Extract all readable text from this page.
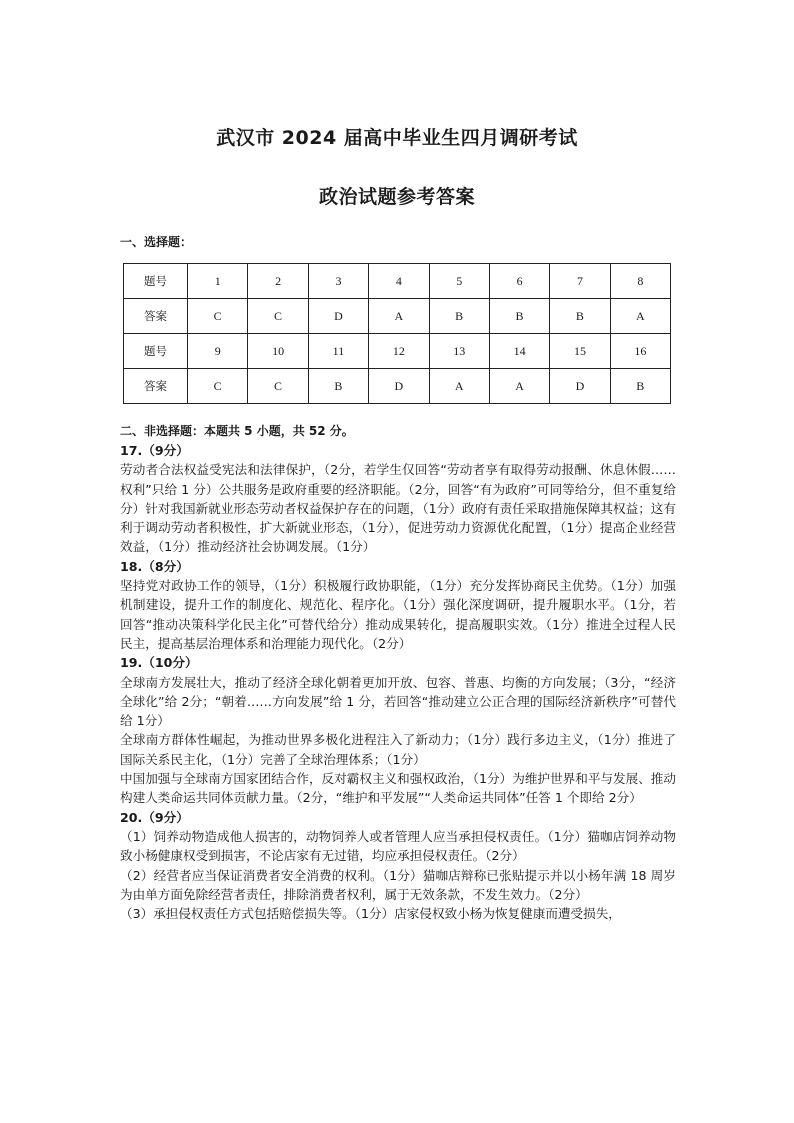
武汉市 2024 届高中毕业生四月调研考试
政治试题参考答案
一、选择题：
题号	1	2	3	4	5	6	7	8
答案	C	C	D	A	B	B	B	A
题号	9	10	11	12	13	14	15	16
答案	C	C	B	D	A	A	D	B
二、非选择题：本题共 5 小题，共 52 分。

17.（9分）

劳动者合法权益受宪法和法律保护，（2分，若学生仅回答“劳动者享有取得劳动报酬、休息休假……权利”只给 1 分）公共服务是政府重要的经济职能。（2分，回答“有为政府”可同等给分，但不重复给分）针对我国新就业形态劳动者权益保护存在的问题，（1分）政府有责任采取措施保障其权益；这有利于调动劳动者积极性，扩大新就业形态，（1分），促进劳动力资源优化配置，（1分）提高企业经营效益，（1分）推动经济社会协调发展。（1分）

18.（8分）

坚持党对政协工作的领导，（1分）积极履行政协职能，（1分）充分发挥协商民主优势。（1分）加强机制建设，提升工作的制度化、规范化、程序化。（1分）强化深度调研，提升履职水平。（1分，若回答“推动决策科学化民主化”可替代给分）推动成果转化，提高履职实效。（1分）推进全过程人民民主，提高基层治理体系和治理能力现代化。（2分）

19.（10分）

全球南方发展壮大，推动了经济全球化朝着更加开放、包容、普惠、均衡的方向发展；（3分，“经济全球化”给 2分；“朝着……方向发展”给 1 分，若回答“推动建立公正合理的国际经济新秩序”可替代给 1分）

全球南方群体性崛起，为推动世界多极化进程注入了新动力；（1分）践行多边主义，（1分）推进了国际关系民主化，（1分）完善了全球治理体系；（1分）

中国加强与全球南方国家团结合作，反对霸权主义和强权政治，（1分）为维护世界和平与发展、推动构建人类命运共同体贡献力量。（2分，“维护和平发展”“人类命运共同体”任答 1 个即给 2分）

20.（9分）

（1）饲养动物造成他人损害的，动物饲养人或者管理人应当承担侵权责任。（1分）猫咖店饲养动物致小杨健康权受到损害，不论店家有无过错，均应承担侵权责任。（2分）

（2）经营者应当保证消费者安全消费的权利。（1分）猫咖店辩称已张贴提示并以小杨年满 18 周岁为由单方面免除经营者责任，排除消费者权利，属于无效条款，不发生效力。（2分）

（3）承担侵权责任方式包括赔偿损失等。（1分）店家侵权致小杨为恢复健康而遭受损失，
